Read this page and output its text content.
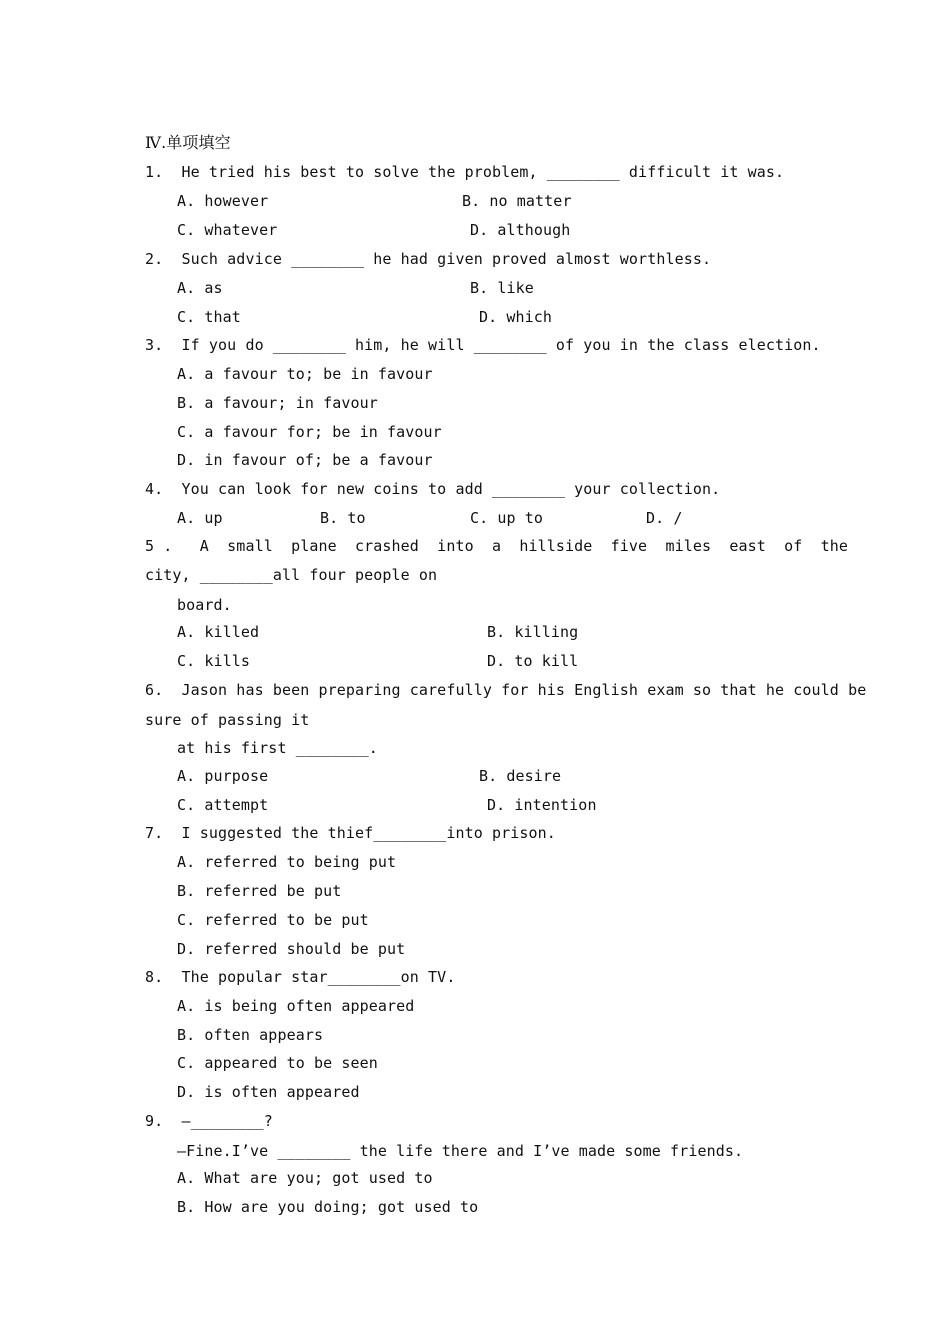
Ⅳ.单项填空
1.  He tried his best to solve the problem, ________ difficult it was.
A. however	B. no matter
C. whatever	D. although
2.  Such advice ________ he had given proved almost worthless.
A. as	B. like
C. that	D. which
3.  If you do ________ him, he will ________ of you in the class election.
A. a favour to; be in favour
B. a favour; in favour
C. a favour for; be in favour
D. in favour of; be a favour
4.  You can look for new coins to add ________ your collection.
A. up	B. to	C. up to	D. /
5 .   A  small  plane  crashed  into  a  hillside  five  miles  east  of  the
city, ________all four people on
board.
A. killed	B. killing
C. kills	D. to kill
6.  Jason has been preparing carefully for his English exam so that he could be
sure of passing it
at his first ________.
A. purpose	B. desire
C. attempt	D. intention
7.  I suggested the thief________into prison.
A. referred to being put
B. referred be put
C. referred to be put
D. referred should be put
8.  The popular star________on TV.
A. is being often appeared
B. often appears
C. appeared to be seen
D. is often appeared
9.  —________?
—Fine.I’ve ________ the life there and I’ve made some friends.
A. What are you; got used to
B. How are you doing; got used to
